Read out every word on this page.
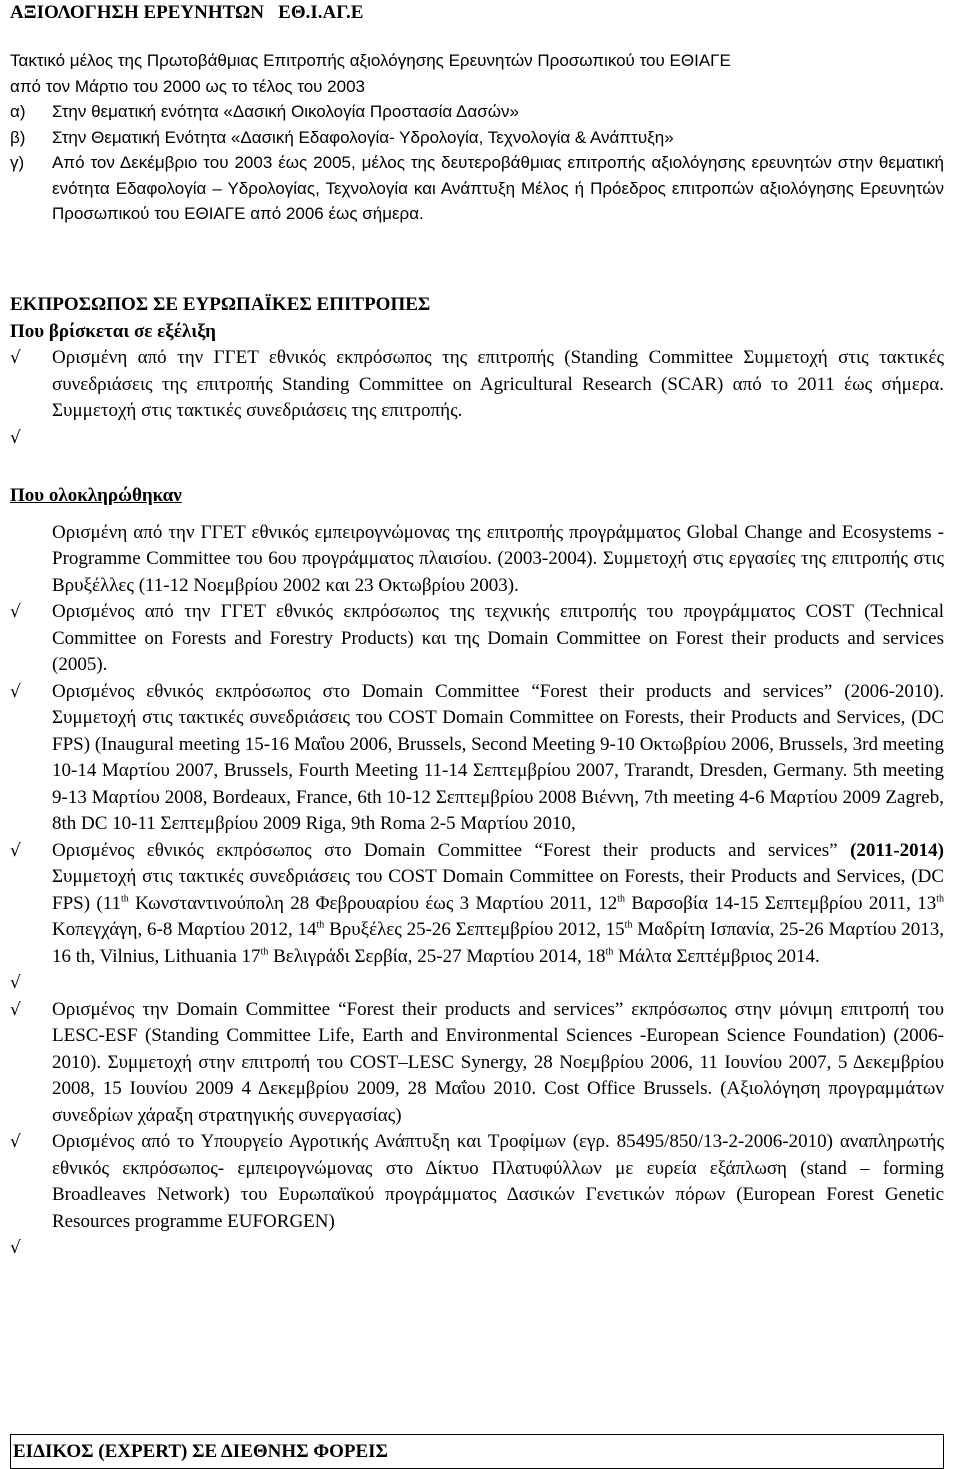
ΑΞΙΟΛΟΓΗΣΗ ΕΡΕΥΝΗΤΩΝ   ΕΘ.Ι.ΑΓ.Ε

Τακτικό μέλος της Πρωτοβάθμιας Επιτροπής αξιολόγησης Ερευνητών Προσωπικού του ΕΘΙΑΓΕ

από τον Μάρτιο του 2000 ως το τέλος του 2003

α)	Στην θεματική ενότητα «Δασική Οικολογία Προστασία Δασών»
β)	Στην Θεματική Ενότητα «Δασική Εδαφολογία- Υδρολογία, Τεχνολογία & Ανάπτυξη»
γ)	Από τον Δεκέμβριο του 2003 έως 2005, μέλος της δευτεροβάθμιας επιτροπής αξιολόγησης ερευνητών στην θεματική ενότητα Εδαφολογία – Υδρολογίας, Τεχνολογία και Ανάπτυξη Μέλος ή Πρόεδρος επιτροπών αξιολόγησης Ερευνητών Προσωπικού του ΕΘΙΑΓΕ από 2006 έως σήμερα.
ΕΚΠΡΟΣΩΠΟΣ ΣΕ ΕΥΡΩΠΑΪΚΕΣ ΕΠΙΤΡΟΠΕΣ
Που βρίσκεται σε εξέλιξη
√	Ορισμένη από την ΓΓΕΤ εθνικός εκπρόσωπος της επιτροπής (Standing Committee Συμμετοχή στις τακτικές συνεδριάσεις της επιτροπής Standing Committee on Agricultural Research (SCAR) από το 2011 έως σήμερα. Συμμετοχή στις τακτικές συνεδριάσεις της επιτροπής.
√
Που ολοκληρώθηκαν
Ορισμένη από την ΓΓΕΤ εθνικός εμπειρογνώμονας της επιτροπής προγράμματος Global Change and Ecosystems - Programme Committee του 6ου προγράμματος πλαισίου. (2003-2004). Συμμετοχή στις εργασίες της επιτροπής στις Βρυξέλλες (11-12 Νοεμβρίου 2002 και 23 Οκτωβρίου 2003).
√	Ορισμένος από την ΓΓΕΤ εθνικός εκπρόσωπος της τεχνικής επιτροπής του προγράμματος COST (Technical Committee on Forests and Forestry Products) και της Domain Committee on Forest their products and services (2005).
√	Ορισμένος εθνικός εκπρόσωπος στο Domain Committee “Forest their products and services” (2006-2010). Συμμετοχή στις τακτικές συνεδριάσεις του COST Domain Committee on Forests, their Products and Services, (DC FPS) (Inaugural meeting 15-16 Μαΐου 2006, Brussels, Second Meeting 9-10 Οκτωβρίου 2006, Brussels, 3rd meeting 10-14 Μαρτίου 2007, Brussels, Fourth Meeting 11-14 Σεπτεμβρίου 2007, Trarandt, Dresden, Germany. 5th meeting 9-13 Μαρτίου 2008, Bordeaux, France, 6th 10-12 Σεπτεμβρίου 2008 Βιέννη, 7th meeting 4-6 Μαρτίου 2009 Zagreb, 8th DC 10-11 Σεπτεμβρίου 2009 Riga, 9th Roma 2-5 Μαρτίου 2010,
√	Ορισμένος εθνικός εκπρόσωπος στο Domain Committee “Forest their products and services” (2011-2014) Συμμετοχή στις τακτικές συνεδριάσεις του COST Domain Committee on Forests, their Products and Services, (DC FPS) (11th Κωνσταντινούπολη 28 Φεβρουαρίου έως 3 Μαρτίου 2011, 12th Βαρσοβία 14-15 Σεπτεμβρίου 2011, 13th Κοπεγχάγη, 6-8 Μαρτίου 2012, 14th Βρυξέλες 25-26 Σεπτεμβρίου 2012, 15th Μαδρίτη Ισπανία, 25-26 Μαρτίου 2013, 16 th, Vilnius, Lithuania 17th Βελιγράδι Σερβία, 25-27 Μαρτίου 2014, 18th Μάλτα Σεπτέμβριος 2014.
√
√	Ορισμένος την Domain Committee “Forest their products and services” εκπρόσωπος στην μόνιμη επιτροπή του LESC-ESF (Standing Committee Life, Earth and Environmental Sciences -European Science Foundation) (2006-2010). Συμμετοχή στην επιτροπή του COST–LESC Synergy, 28 Νοεμβρίου 2006, 11 Ιουνίου 2007, 5 Δεκεμβρίου 2008, 15 Ιουνίου 2009 4 Δεκεμβρίου 2009, 28 Μαΐου 2010. Cost Office Brussels. (Αξιολόγηση προγραμμάτων συνεδρίων χάραξη στρατηγικής συνεργασίας)
√	Ορισμένος από το Υπουργείο Αγροτικής Ανάπτυξη και Τροφίμων (εγρ. 85495/850/13-2-2006-2010) αναπληρωτής εθνικός εκπρόσωπος- εμπειρογνώμονας στο Δίκτυο Πλατυφύλλων με ευρεία εξάπλωση (stand – forming Broadleaves Network) του Ευρωπαϊκού προγράμματος Δασικών Γενετικών πόρων (European Forest Genetic Resources programme EUFORGEN)
√
ΕΙΔΙΚΟΣ (EXPERT) ΣΕ ΔΙΕΘΝΗΣ ΦΟΡΕΙΣ
